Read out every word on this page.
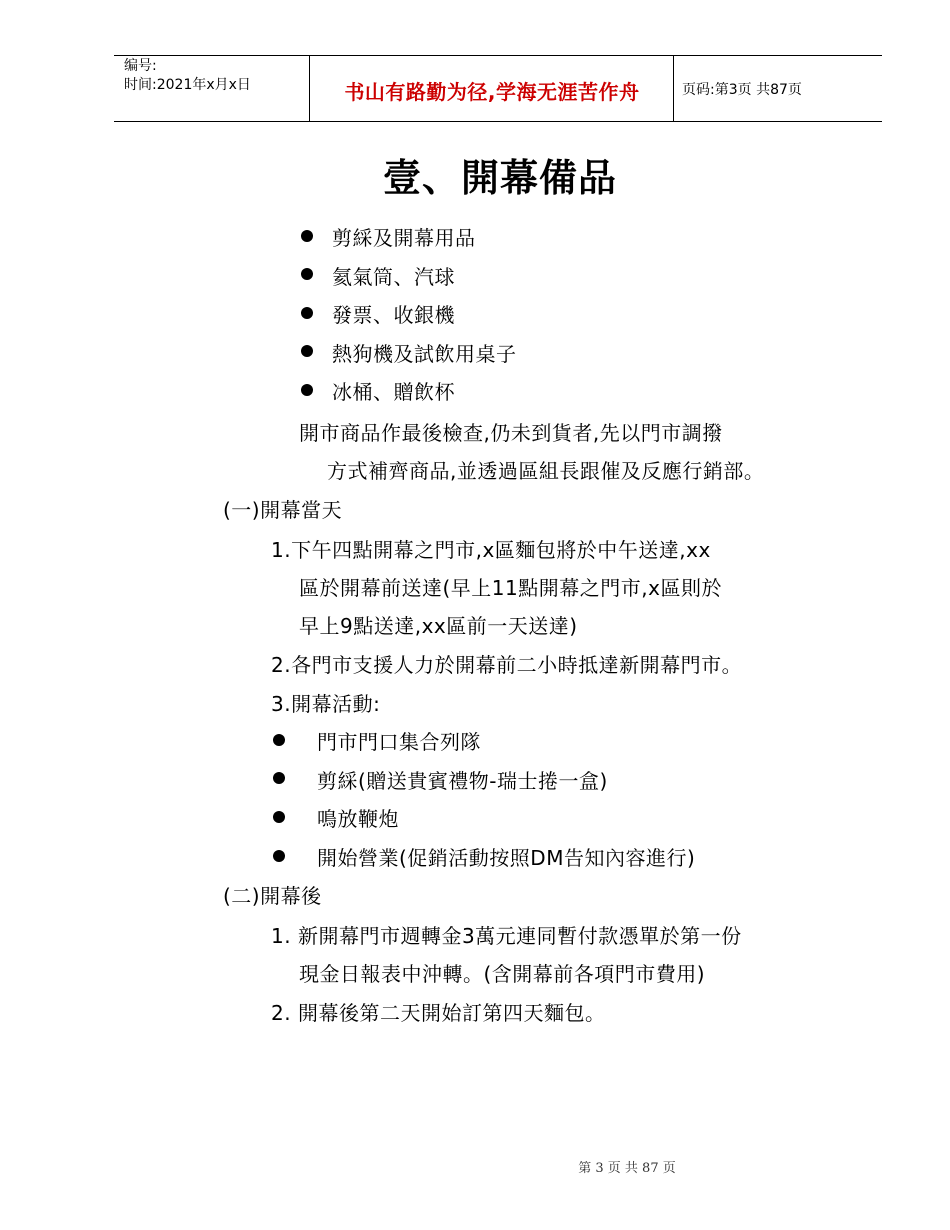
编号:
时间:2021年x月x日	书山有路勤为径,学海无涯苦作舟	页码:第3页 共87页
壹、開幕備品
剪綵及開幕用品
氦氣筒、汽球
發票、收銀機
熱狗機及試飲用桌子
冰桶、贈飲杯
開市商品作最後檢查,仍未到貨者,先以門市調撥
方式補齊商品,並透過區組長跟催及反應行銷部。
(一)開幕當天
1.下午四點開幕之門市,x區麵包將於中午送達,xx
區於開幕前送達(早上11點開幕之門市,x區則於
早上9點送達,xx區前一天送達)
2.各門市支援人力於開幕前二小時抵達新開幕門市。
3.開幕活動:
門市門口集合列隊
剪綵(贈送貴賓禮物-瑞士捲一盒)
鳴放鞭炮
開始營業(促銷活動按照DM告知內容進行)
(二)開幕後
1. 新開幕門市週轉金3萬元連同暫付款憑單於第一份
現金日報表中沖轉。(含開幕前各項門市費用)
2. 開幕後第二天開始訂第四天麵包。
第 3 页 共 87 页
